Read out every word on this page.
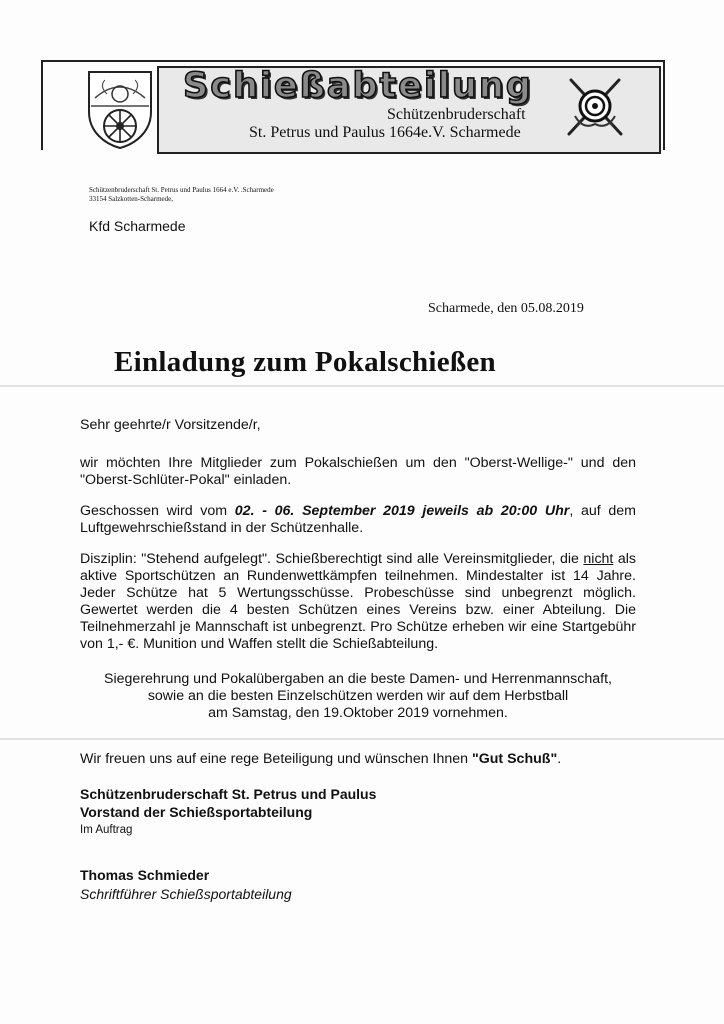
Schießabteilung
Schützenbruderschaft
St. Petrus und Paulus 1664e.V. Scharmede
Schützenbruderschaft St. Petrus und Paulus 1664 e.V. .Scharmede
33154 Salzkotten-Scharmede,
Kfd Scharmede
Scharmede, den 05.08.2019
Einladung zum Pokalschießen

Sehr geehrte/r Vorsitzende/r,

wir möchten Ihre Mitglieder zum Pokalschießen um den "Oberst-Wellige-" und den "Oberst-Schlüter-Pokal" einladen.

Geschossen wird vom 02. - 06. September 2019 jeweils ab 20:00 Uhr, auf dem Luftgewehrschießstand in der Schützenhalle.

Disziplin: "Stehend aufgelegt". Schießberechtigt sind alle Vereinsmitglieder, die nicht als aktive Sportschützen an Rundenwettkämpfen teilnehmen. Mindestalter ist 14 Jahre. Jeder Schütze hat 5 Wertungsschüsse. Probeschüsse sind unbegrenzt möglich. Gewertet werden die 4 besten Schützen eines Vereins bzw. einer Abteilung. Die Teilnehmerzahl je Mannschaft ist unbegrenzt. Pro Schütze erheben wir eine Startgebühr von 1,- €. Munition und Waffen stellt die Schießabteilung.

Siegerehrung und Pokalübergaben an die beste Damen- und Herrenmannschaft,
sowie an die besten Einzelschützen werden wir auf dem Herbstball
am Samstag, den 19.Oktober 2019 vornehmen.

Wir freuen uns auf eine rege Beteiligung und wünschen Ihnen "Gut Schuß".

Schützenbruderschaft St. Petrus und Paulus
Vorstand der Schießsportabteilung
Im Auftrag
Thomas Schmieder
Schriftführer Schießsportabteilung
